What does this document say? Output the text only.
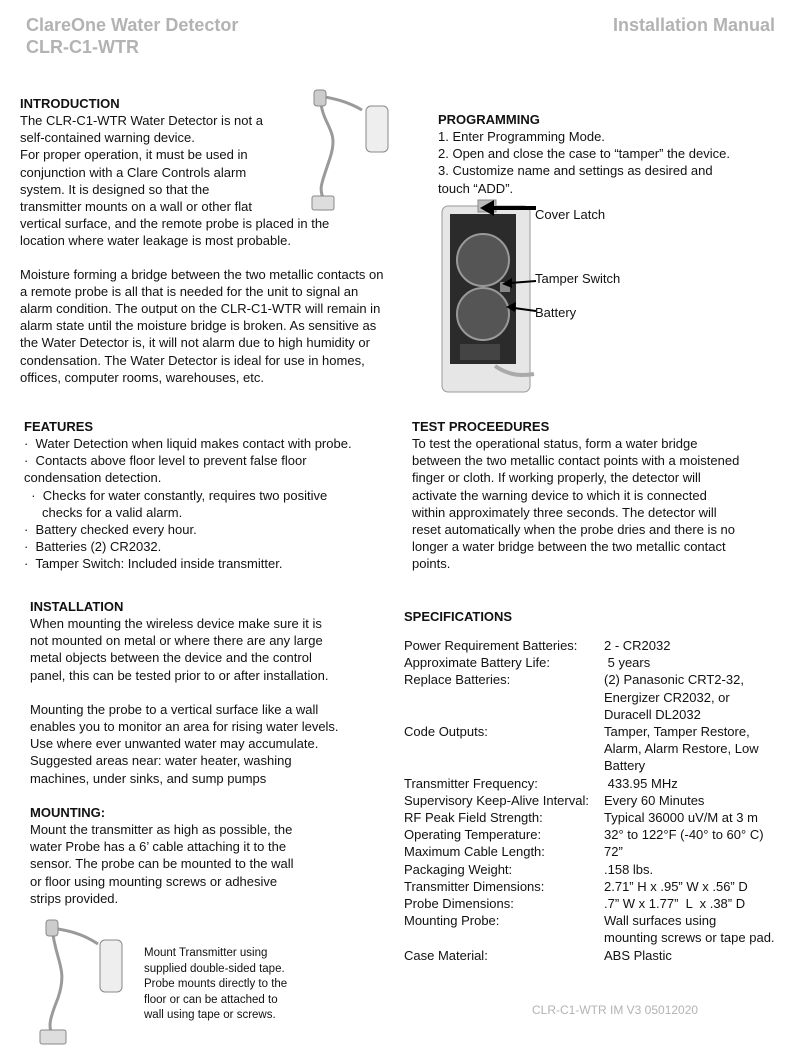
ClareOne Water Detector
CLR-C1-WTR
Installation Manual
INTRODUCTION
The CLR-C1-WTR Water Detector is not a
self-contained warning device.
For proper operation, it must be used in
conjunction with a Clare Controls alarm
system. It is designed so that the
transmitter mounts on a wall or other flat
vertical surface, and the remote probe is placed in the
location where water leakage is most probable.

Moisture forming a bridge between the two metallic contacts on a remote probe is all that is needed for the unit to signal an alarm condition. The output on the CLR-C1-WTR will remain in alarm state until the moisture bridge is broken. As sensitive as the Water Detector is, it will not alarm due to high humidity or condensation. The Water Detector is ideal for use in homes, offices, computer rooms, warehouses, etc.

PROGRAMMING
1. Enter Programming Mode.
2. Open and close the case to “tamper” the device.
3. Customize name and settings as desired and
touch “ADD”.
Cover Latch
Tamper Switch
Battery
FEATURES
·  Water Detection when liquid makes contact with probe.
·  Contacts above floor level to prevent false floor
condensation detection.
·  Checks for water constantly, requires two positive
checks for a valid alarm.
·  Battery checked every hour.
·  Batteries (2) CR2032.
·  Tamper Switch: Included inside transmitter.
TEST PROCEEDURES
To test the operational status, form a water bridge
between the two metallic contact points with a moistened
finger or cloth. If working properly, the detector will
activate the warning device to which it is connected
within approximately three seconds. The detector will
reset automatically when the probe dries and there is no
longer a water bridge between the two metallic contact
points.
INSTALLATION
When mounting the wireless device make sure it is
not mounted on metal or where there are any large
metal objects between the device and the control
panel, this can be tested prior to or after installation.
Mounting the probe to a vertical surface like a wall
enables you to monitor an area for rising water levels.
Use where ever unwanted water may accumulate.
Suggested areas near: water heater, washing
machines, under sinks, and sump pumps
MOUNTING:
Mount the transmitter as high as possible, the
water Probe has a 6’ cable attaching it to the
sensor. The probe can be mounted to the wall
or floor using mounting screws or adhesive
strips provided.
Mount Transmitter using
supplied double-sided tape.
Probe mounts directly to the
floor or can be attached to
wall using tape or screws.
SPECIFICATIONS
Power Requirement Batteries:	2 - CR2032
Approximate Battery Life:	5 years
Replace Batteries:	(2) Panasonic CRT2-32,
Energizer CR2032, or
Duracell DL2032
Code Outputs:	Tamper, Tamper Restore,
Alarm, Alarm Restore, Low
Battery
Transmitter Frequency:	433.95 MHz
Supervisory Keep-Alive Interval:	Every 60 Minutes
RF Peak Field Strength:	Typical 36000 uV/M at 3 m
Operating Temperature:	32° to 122°F (-40° to 60° C)
Maximum Cable Length:	72”
Packaging Weight:	.158 lbs.
Transmitter Dimensions:	2.71” H x .95” W x .56” D
Probe Dimensions:	.7” W x 1.77”  L  x .38” D
Mounting Probe:	Wall surfaces using
mounting screws or tape pad.
Case Material:	ABS Plastic
CLR-C1-WTR IM V3 05012020
